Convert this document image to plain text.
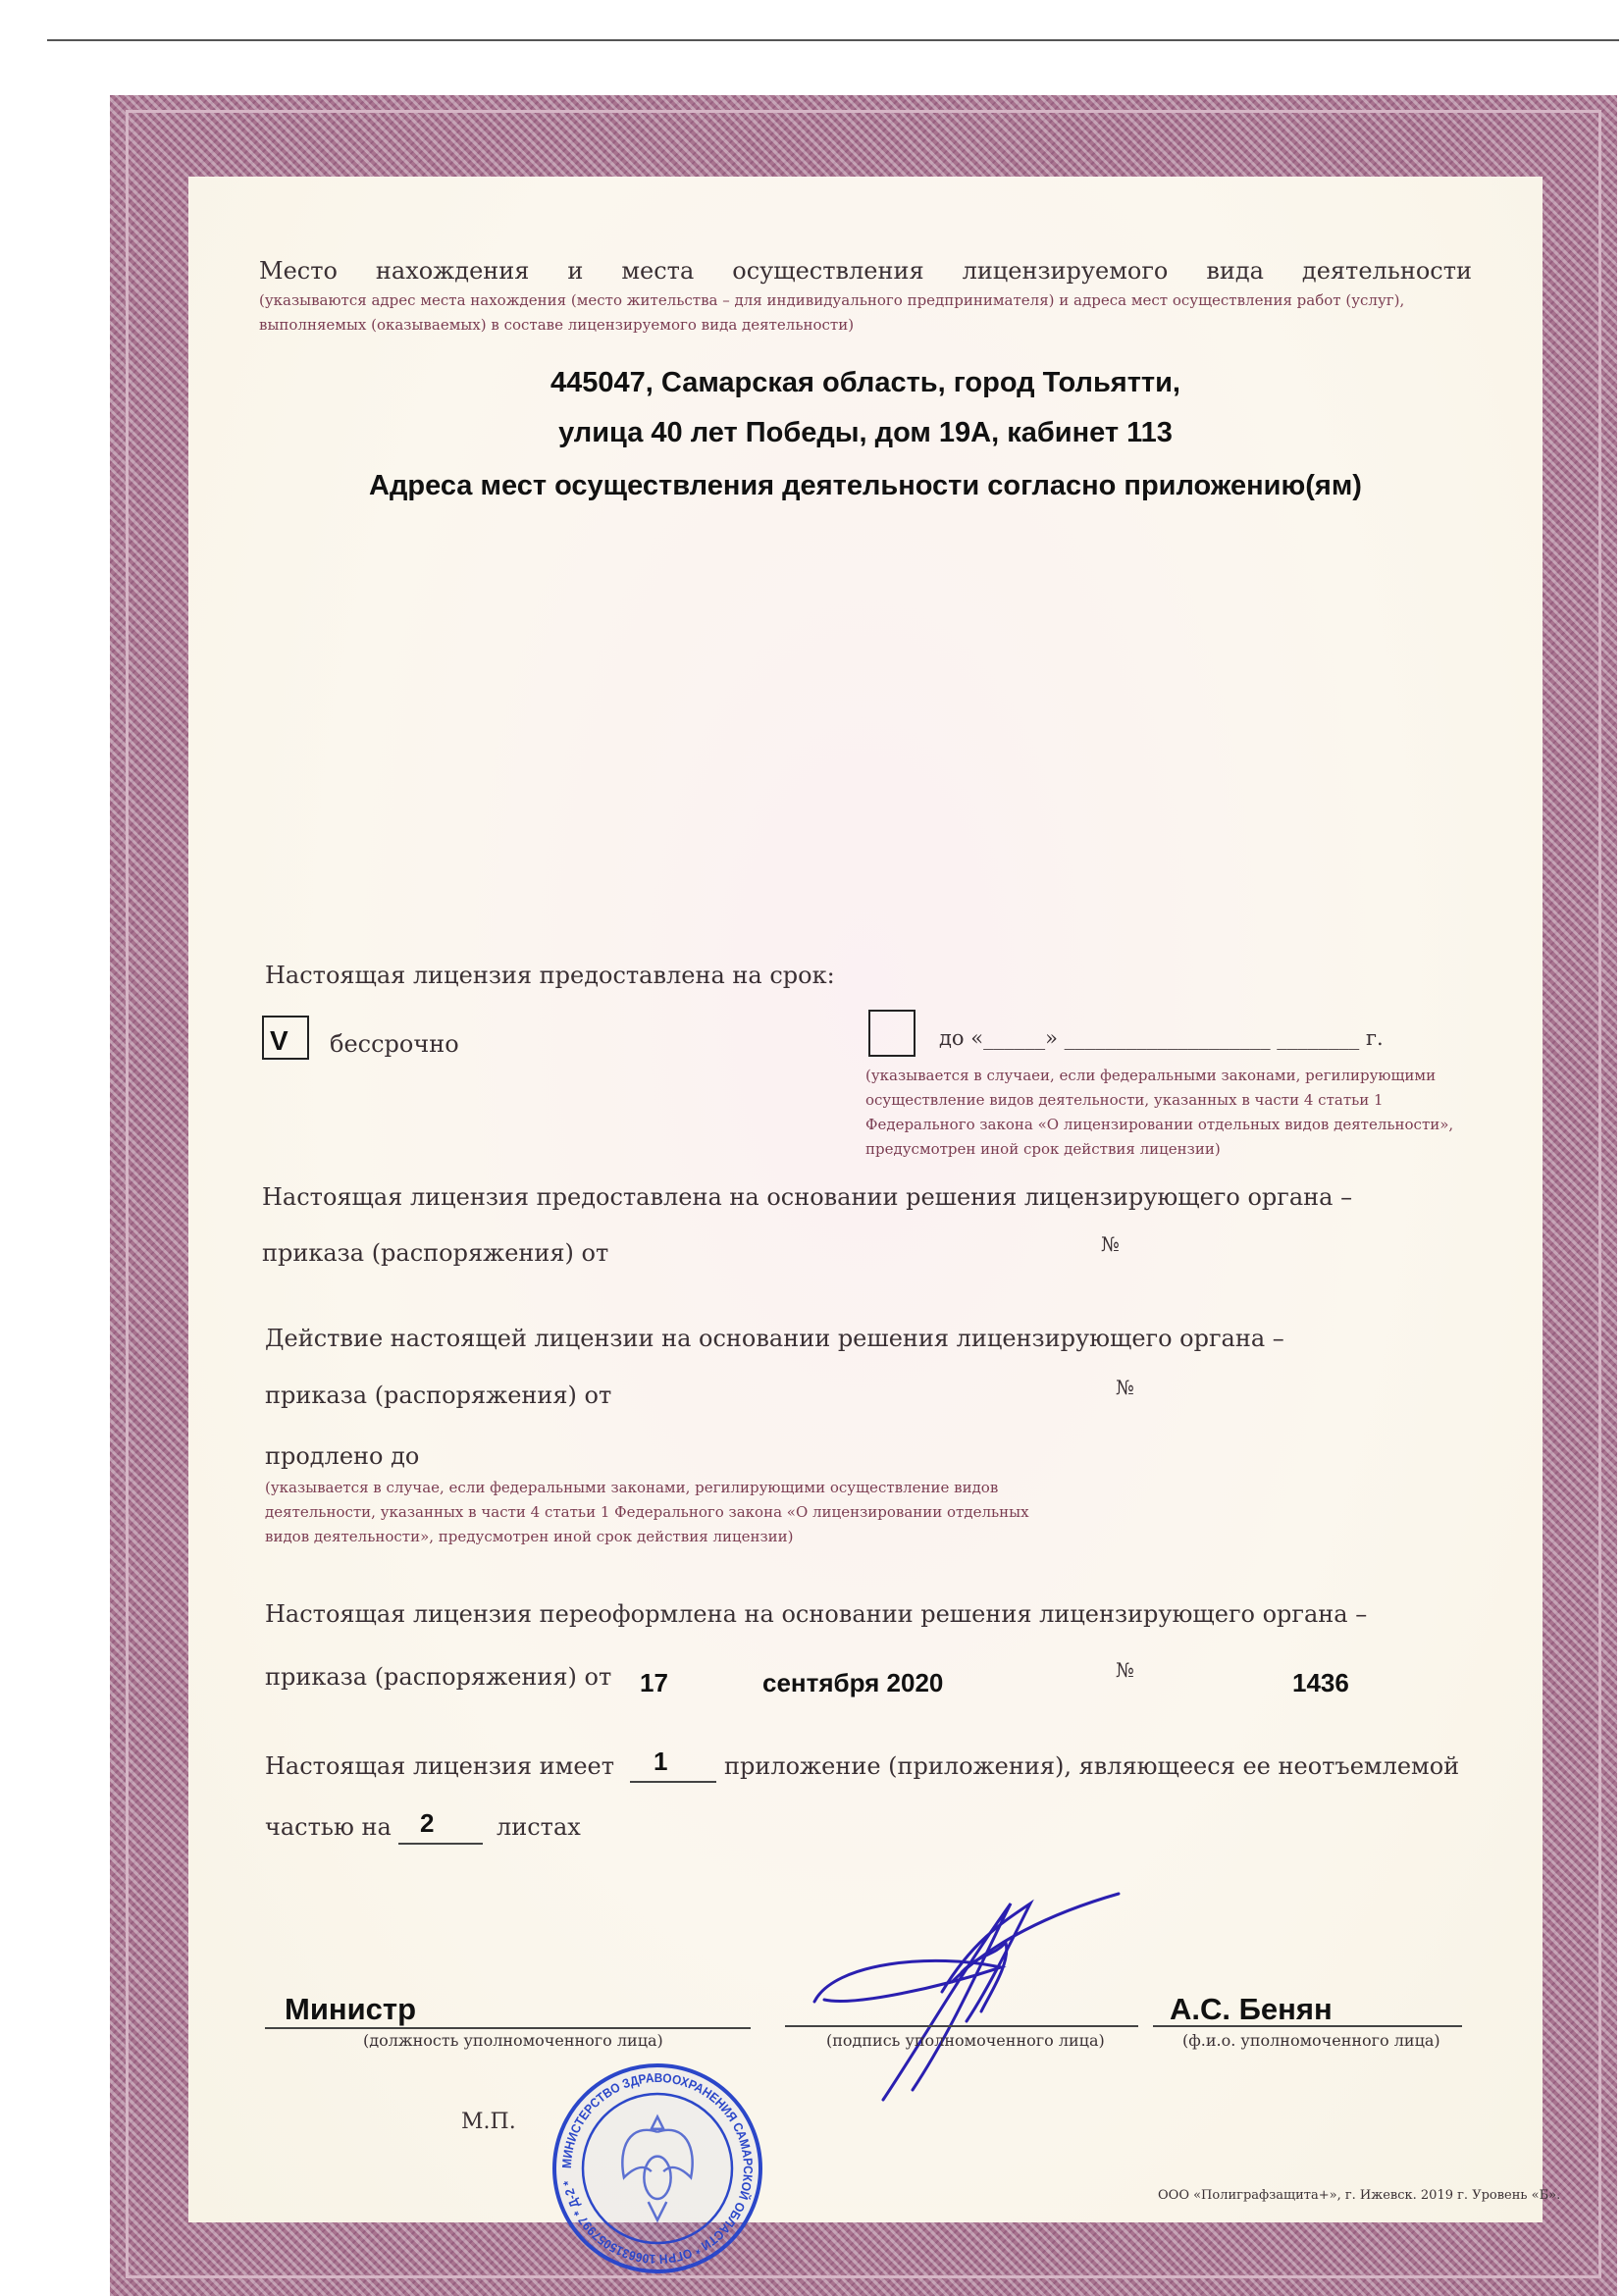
Место нахождения и места осуществления лицензируемого вида деятельности
(указываются адрес места нахождения (место жительства – для индивидуального предпринимателя) и адреса мест осуществления работ (услуг), выполняемых (оказываемых) в составе лицензируемого вида деятельности)
445047, Самарская область, город Тольятти,
улица 40 лет Победы, дом 19А, кабинет 113
Адреса мест осуществления деятельности согласно приложению(ям)
Настоящая лицензия предоставлена на срок:
V бессрочно	до «______» ____________________ ________ г.
(указывается в случаеи, если федеральными законами, регилирующими осуществление видов деятельности, указанных в части 4 статьи 1 Федерального закона «О лицензировании отдельных видов деятельности», предусмотрен иной срок действия лицензии)
Настоящая лицензия предоставлена на основании решения лицензирующего органа –
приказа (распоряжения) от	№
Действие настоящей лицензии на основании решения лицензирующего органа –
приказа (распоряжения) от	№
продлено до
(указывается в случае, если федеральными законами, регилирующими осуществление видов деятельности, указанных в части 4 статьи 1 Федерального закона «О лицензировании отдельных видов деятельности», предусмотрен иной срок действия лицензии)
Настоящая лицензия переоформлена на основании решения лицензирующего органа –
приказа (распоряжения) от 17	сентября 2020	№	1436
Настоящая лицензия имеет 1 приложение (приложения), являющееся ее неотъемлемой
частью на 2	листах
Министр
(должность уполномоченного лица)	(подпись уполномоченного лица)
А.С. Бенян
(ф.и.о. уполномоченного лица)
М.П.
МИНИСТЕРСТВО ЗДРАВООХРАНЕНИЯ САМАРСКОЙ ОБЛАСТИ * ОГРН 1066315057997 * Д-2 *
ООО «Полиграфзащита+», г. Ижевск. 2019 г. Уровень «Б».
